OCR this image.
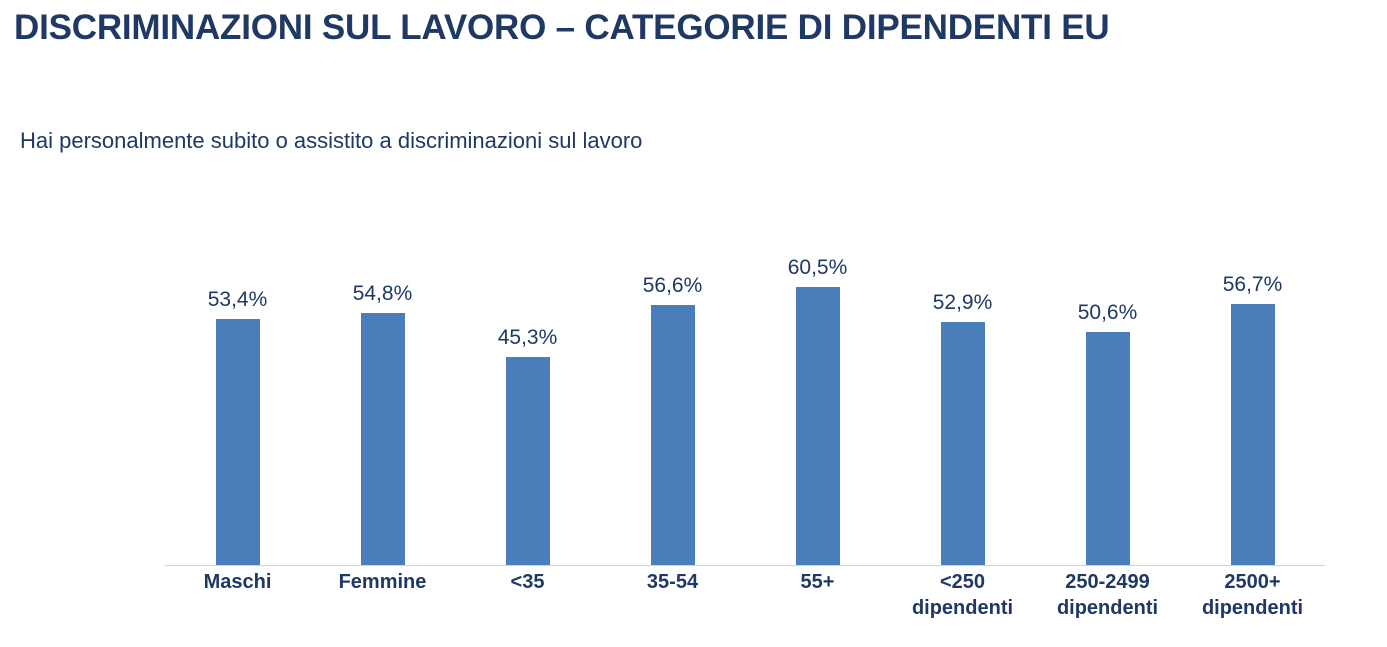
DISCRIMINAZIONI SUL LAVORO – CATEGORIE DI DIPENDENTI EU
Hai personalmente subito o assistito a discriminazioni sul lavoro
53,4%	54,8%
45,3%
56,6%
60,5%
52,9%	50,6%
56,7%
Maschi	Femmine	<35	35-54	55+	<250
dipendenti
250-2499
dipendenti
2500+
dipendenti
